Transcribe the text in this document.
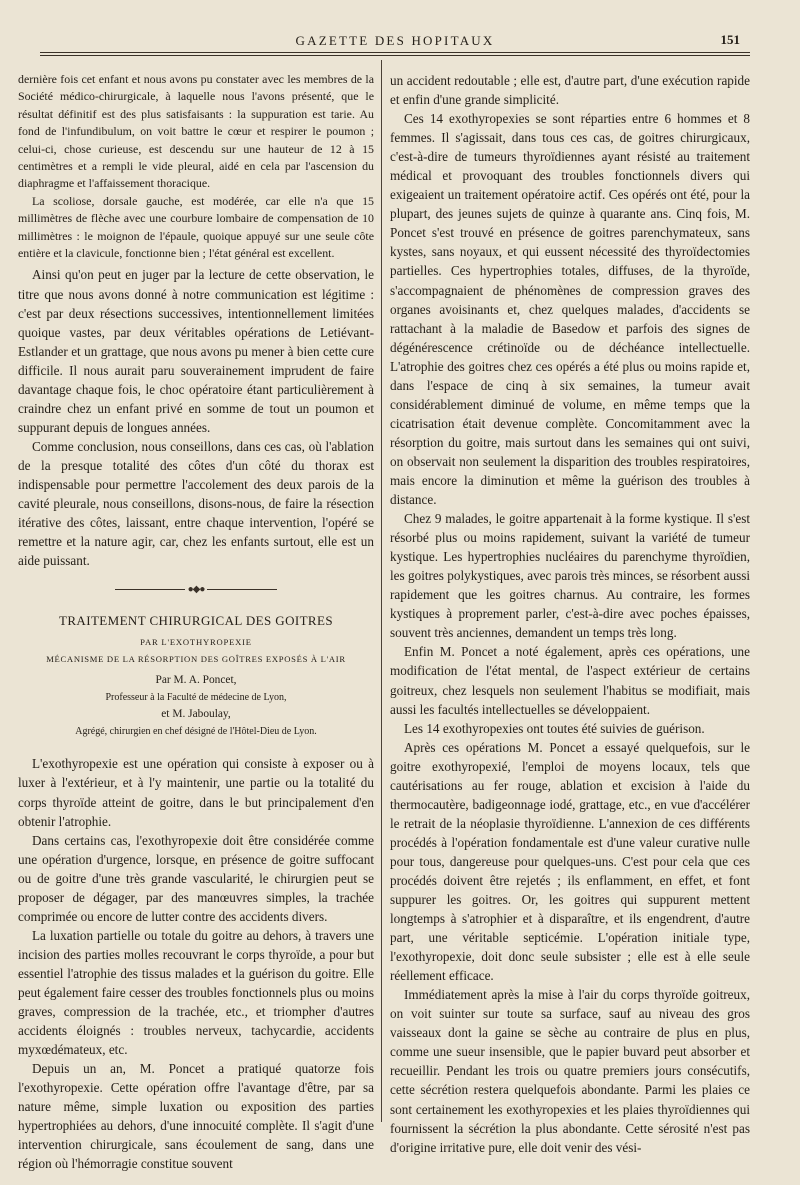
GAZETTE DES HOPITAUX	151

dernière fois cet enfant et nous avons pu constater avec les membres de la Société médico-chirurgicale, à laquelle nous l'avons présenté, que le résultat définitif est des plus satisfaisants : la suppuration est tarie. Au fond de l'infundibulum, on voit battre le cœur et respirer le poumon ; celui-ci, chose curieuse, est descendu sur une hauteur de 12 à 15 centimètres et a rempli le vide pleural, aidé en cela par l'ascension du diaphragme et l'affaissement thoracique.

La scoliose, dorsale gauche, est modérée, car elle n'a que 15 millimètres de flèche avec une courbure lombaire de compensation de 10 millimètres : le moignon de l'épaule, quoique appuyé sur une seule côte entière et la clavicule, fonctionne bien ; l'état général est excellent.

Ainsi qu'on peut en juger par la lecture de cette observation, le titre que nous avons donné à notre communication est légitime : c'est par deux résections successives, intentionnellement limitées quoique vastes, par deux véritables opérations de Letiévant-Estlander et un grattage, que nous avons pu mener à bien cette cure difficile. Il nous aurait paru souverainement imprudent de faire davantage chaque fois, le choc opératoire étant particulièrement à craindre chez un enfant privé en somme de tout un poumon et suppurant depuis de longues années.

Comme conclusion, nous conseillons, dans ces cas, où l'ablation de la presque totalité des côtes d'un côté du thorax est indispensable pour permettre l'accolement des deux parois de la cavité pleurale, nous conseillons, disons-nous, de faire la résection itérative des côtes, laissant, entre chaque intervention, l'opéré se remettre et la nature agir, car, chez les enfants surtout, elle est un aide puissant.

●◆●
TRAITEMENT CHIRURGICAL DES GOITRES
PAR L'EXOTHYROPEXIE
MÉCANISME DE LA RÉSORPTION DES GOÎTRES EXPOSÉS À L'AIR
Par M. A. Poncet,
Professeur à la Faculté de médecine de Lyon,
et M. Jaboulay,
Agrégé, chirurgien en chef désigné de l'Hôtel-Dieu de Lyon.

L'exothyropexie est une opération qui consiste à exposer ou à luxer à l'extérieur, et à l'y maintenir, une partie ou la totalité du corps thyroïde atteint de goitre, dans le but principalement d'en obtenir l'atrophie.

Dans certains cas, l'exothyropexie doit être considérée comme une opération d'urgence, lorsque, en présence de goitre suffocant ou de goitre d'une très grande vascularité, le chirurgien peut se proposer de dégager, par des manœuvres simples, la trachée comprimée ou encore de lutter contre des accidents divers.

La luxation partielle ou totale du goitre au dehors, à travers une incision des parties molles recouvrant le corps thyroïde, a pour but essentiel l'atrophie des tissus malades et la guérison du goitre. Elle peut également faire cesser des troubles fonctionnels plus ou moins graves, compression de la trachée, etc., et triompher d'autres accidents éloignés : troubles nerveux, tachycardie, accidents myxœdémateux, etc.

Depuis un an, M. Poncet a pratiqué quatorze fois l'exothyropexie. Cette opération offre l'avantage d'être, par sa nature même, simple luxation ou exposition des parties hypertrophiées au dehors, d'une innocuité complète. Il s'agit d'une intervention chirurgicale, sans écoulement de sang, dans une région où l'hémorragie constitue souvent

un accident redoutable ; elle est, d'autre part, d'une exécution rapide et enfin d'une grande simplicité.

Ces 14 exothyropexies se sont réparties entre 6 hommes et 8 femmes. Il s'agissait, dans tous ces cas, de goitres chirurgicaux, c'est-à-dire de tumeurs thyroïdiennes ayant résisté au traitement médical et provoquant des troubles fonctionnels divers qui exigeaient un traitement opératoire actif. Ces opérés ont été, pour la plupart, des jeunes sujets de quinze à quarante ans. Cinq fois, M. Poncet s'est trouvé en présence de goitres parenchymateux, sans kystes, sans noyaux, et qui eussent nécessité des thyroïdectomies partielles. Ces hypertrophies totales, diffuses, de la thyroïde, s'accompagnaient de phénomènes de compression graves des organes avoisinants et, chez quelques malades, d'accidents se rattachant à la maladie de Basedow et parfois des signes de dégénérescence crétinoïde ou de déchéance intellectuelle. L'atrophie des goitres chez ces opérés a été plus ou moins rapide et, dans l'espace de cinq à six semaines, la tumeur avait considérablement diminué de volume, en même temps que la cicatrisation était devenue complète. Concomitamment avec la résorption du goitre, mais surtout dans les semaines qui ont suivi, on observait non seulement la disparition des troubles respiratoires, mais encore la diminution et même la guérison des troubles à distance.

Chez 9 malades, le goitre appartenait à la forme kystique. Il s'est résorbé plus ou moins rapidement, suivant la variété de tumeur kystique. Les hypertrophies nucléaires du parenchyme thyroïdien, les goitres polykystiques, avec parois très minces, se résorbent aussi rapidement que les goitres charnus. Au contraire, les formes kystiques à proprement parler, c'est-à-dire avec poches épaisses, souvent très anciennes, demandent un temps très long.

Enfin M. Poncet a noté également, après ces opérations, une modification de l'état mental, de l'aspect extérieur de certains goitreux, chez lesquels non seulement l'habitus se modifiait, mais aussi les facultés intellectuelles se développaient.

Les 14 exothyropexies ont toutes été suivies de guérison.

Après ces opérations M. Poncet a essayé quelquefois, sur le goitre exothyropexié, l'emploi de moyens locaux, tels que cautérisations au fer rouge, ablation et excision à l'aide du thermocautère, badigeonnage iodé, grattage, etc., en vue d'accélérer le retrait de la néoplasie thyroïdienne. L'annexion de ces différents procédés à l'opération fondamentale est d'une valeur curative nulle pour tous, dangereuse pour quelques-uns. C'est pour cela que ces procédés doivent être rejetés ; ils enflamment, en effet, et font suppurer les goitres. Or, les goitres qui suppurent mettent longtemps à s'atrophier et à disparaître, et ils engendrent, d'autre part, une véritable septicémie. L'opération initiale type, l'exothyropexie, doit donc seule subsister ; elle est à elle seule réellement efficace.

Immédiatement après la mise à l'air du corps thyroïde goitreux, on voit suinter sur toute sa surface, sauf au niveau des gros vaisseaux dont la gaine se sèche au contraire de plus en plus, comme une sueur insensible, que le papier buvard peut absorber et recueillir. Pendant les trois ou quatre premiers jours consécutifs, cette sécrétion restera quelquefois abondante. Parmi les plaies ce sont certainement les exothyropexies et les plaies thyroïdiennes qui fournissent la sécrétion la plus abondante. Cette sérosité n'est pas d'origine irritative pure, elle doit venir des vési-
